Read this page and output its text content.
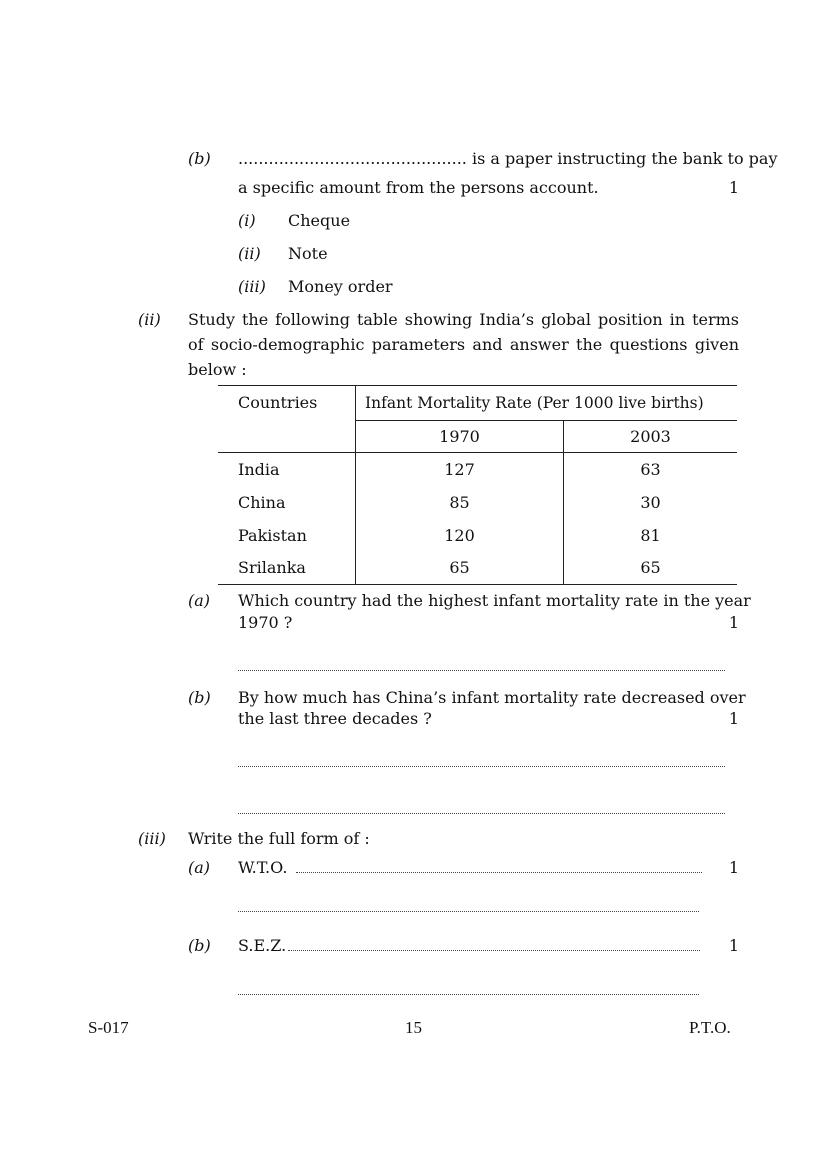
(b) ............................................. is a paper instructing the bank to pay
a specific amount from the persons account.	1
(i) Cheque
(ii) Note
(iii) Money order
(ii) Study the following table showing India’s global position in terms
of socio-demographic parameters and answer the questions given
below :
Countries	Infant Mortality Rate (Per 1000 live births)	
	1970	2003
India	127	63
China	85	30
Pakistan	120	81
Srilanka	65	65
(a) Which country had the highest infant mortality rate in the year
1970 ?	1
(b) By how much has China’s infant mortality rate decreased over
the last three decades ?	1
(iii) Write the full form of :
(a) W.T.O.	1
(b) S.E.Z.	1
S-017	15	P.T.O.
